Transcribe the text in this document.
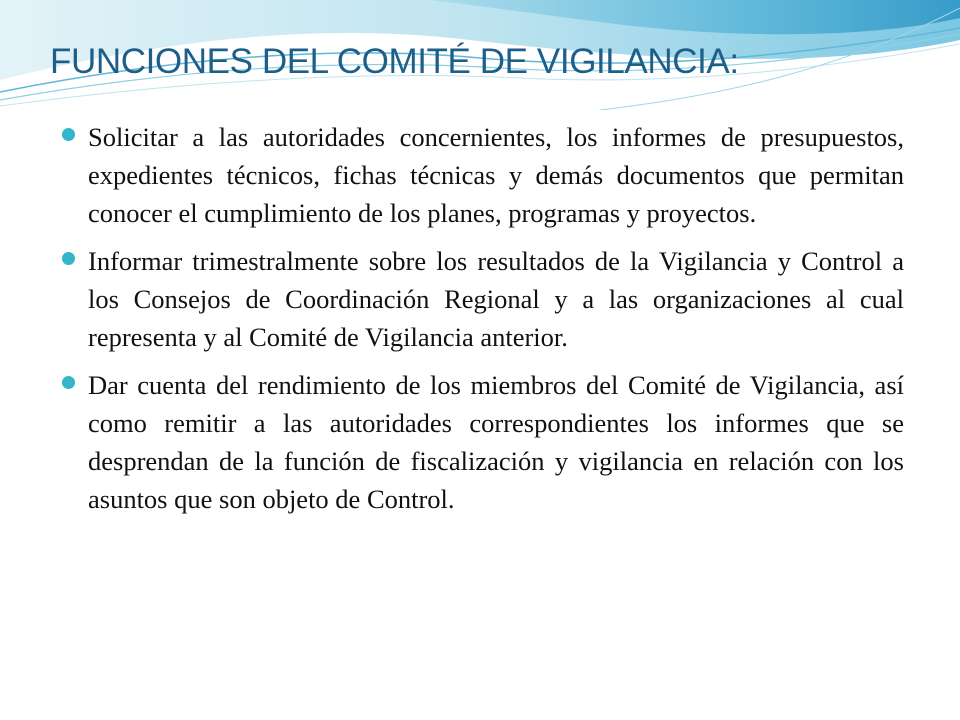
FUNCIONES DEL COMITÉ DE VIGILANCIA:
Solicitar a las autoridades concernientes, los informes de presupuestos, expedientes técnicos, fichas técnicas y demás documentos que permitan conocer el cumplimiento de los planes, programas y proyectos.
Informar trimestralmente sobre los resultados de la Vigilancia y Control a los Consejos de Coordinación Regional y a las organizaciones al cual representa y al Comité de Vigilancia anterior.
Dar cuenta del rendimiento de los miembros del Comité de Vigilancia, así como remitir a las autoridades correspondientes los informes que se desprendan de la función de fiscalización y vigilancia en relación con los asuntos que son objeto de Control.
